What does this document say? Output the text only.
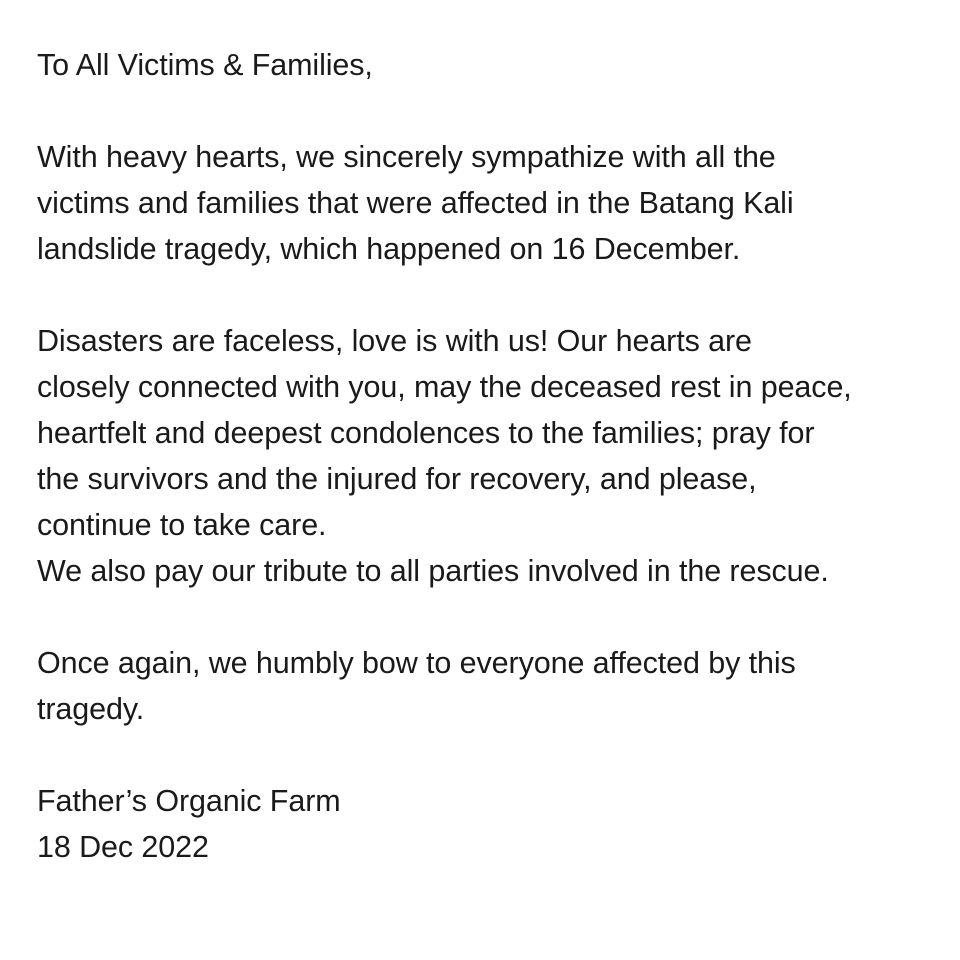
To All Victims & Families,
With heavy hearts, we sincerely sympathize with all the
victims and families that were affected in the Batang Kali
landslide tragedy, which happened on 16 December.
Disasters are faceless, love is with us! Our hearts are
closely connected with you, may the deceased rest in peace,
heartfelt and deepest condolences to the families; pray for
the survivors and the injured for recovery, and please,
continue to take care.
We also pay our tribute to all parties involved in the rescue.
Once again, we humbly bow to everyone affected by this
tragedy.
Father’s Organic Farm
18 Dec 2022
